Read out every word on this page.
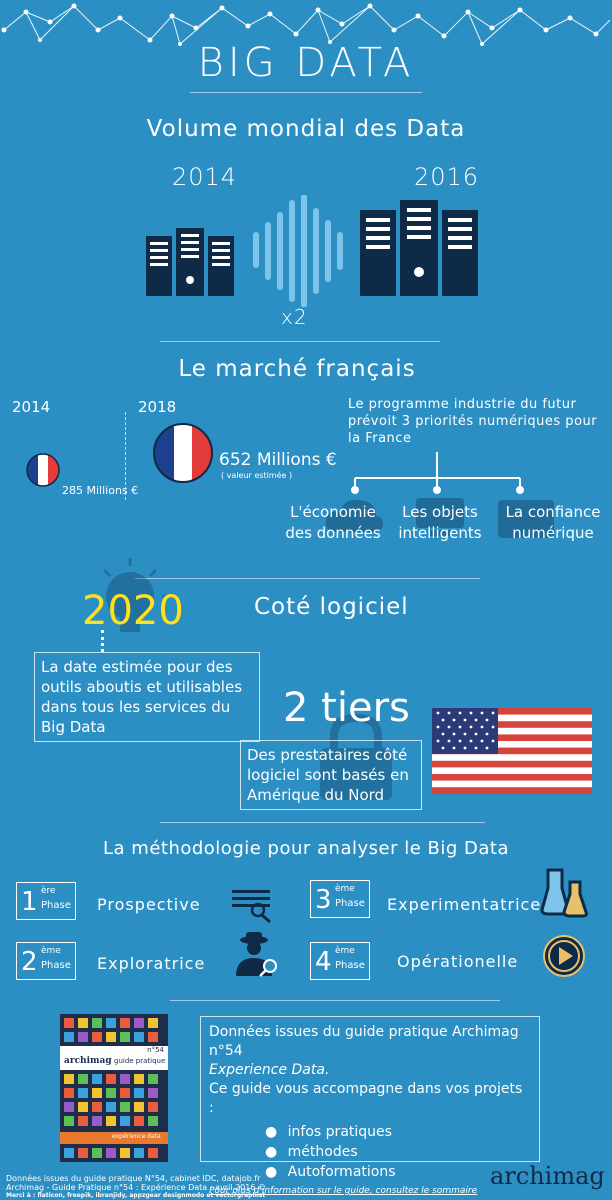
BIG DATA
Volume mondial des Data
2014	2016
x2
Le marché français
2014	2018
285 Millions €
652 Millions €
( valeur estimée )
Le programme industrie du futur prévoit 3 priorités numériques pour la France
L'économie
des données
Les objets
intelligents
La confiance
numérique
2020	Coté logiciel
La date estimée pour des outils aboutis et utilisables dans tous les services du Big Data	2 tiers
Des prestataires côté logiciel sont basés en Amérique du Nord
La méthodologie pour analyser le Big Data
1 ère
Phase Prospective
2 ème
Phase Exploratrice
3 ème
Phase Experimentatrice
4 ème
Phase Opérationelle
n°54
archimag guide pratique
expérience data
Données issues du guide pratique Archimag n°54
Experience Data.
Ce guide vous accompagne dans vos projets :
● infos pratiques
● méthodes
● Autoformations
Pour plus d'information sur le guide, consultez le sommaire
Données issues du guide pratique N°54, cabinet IDC, datajob.fr
Archimag - Guide Pratique n°54 : Expérience Data - avril 2016 ©
Merci à : flaticon, freepik, ibranjidy, appzgear designmodo et vectorgraphist
archimag
